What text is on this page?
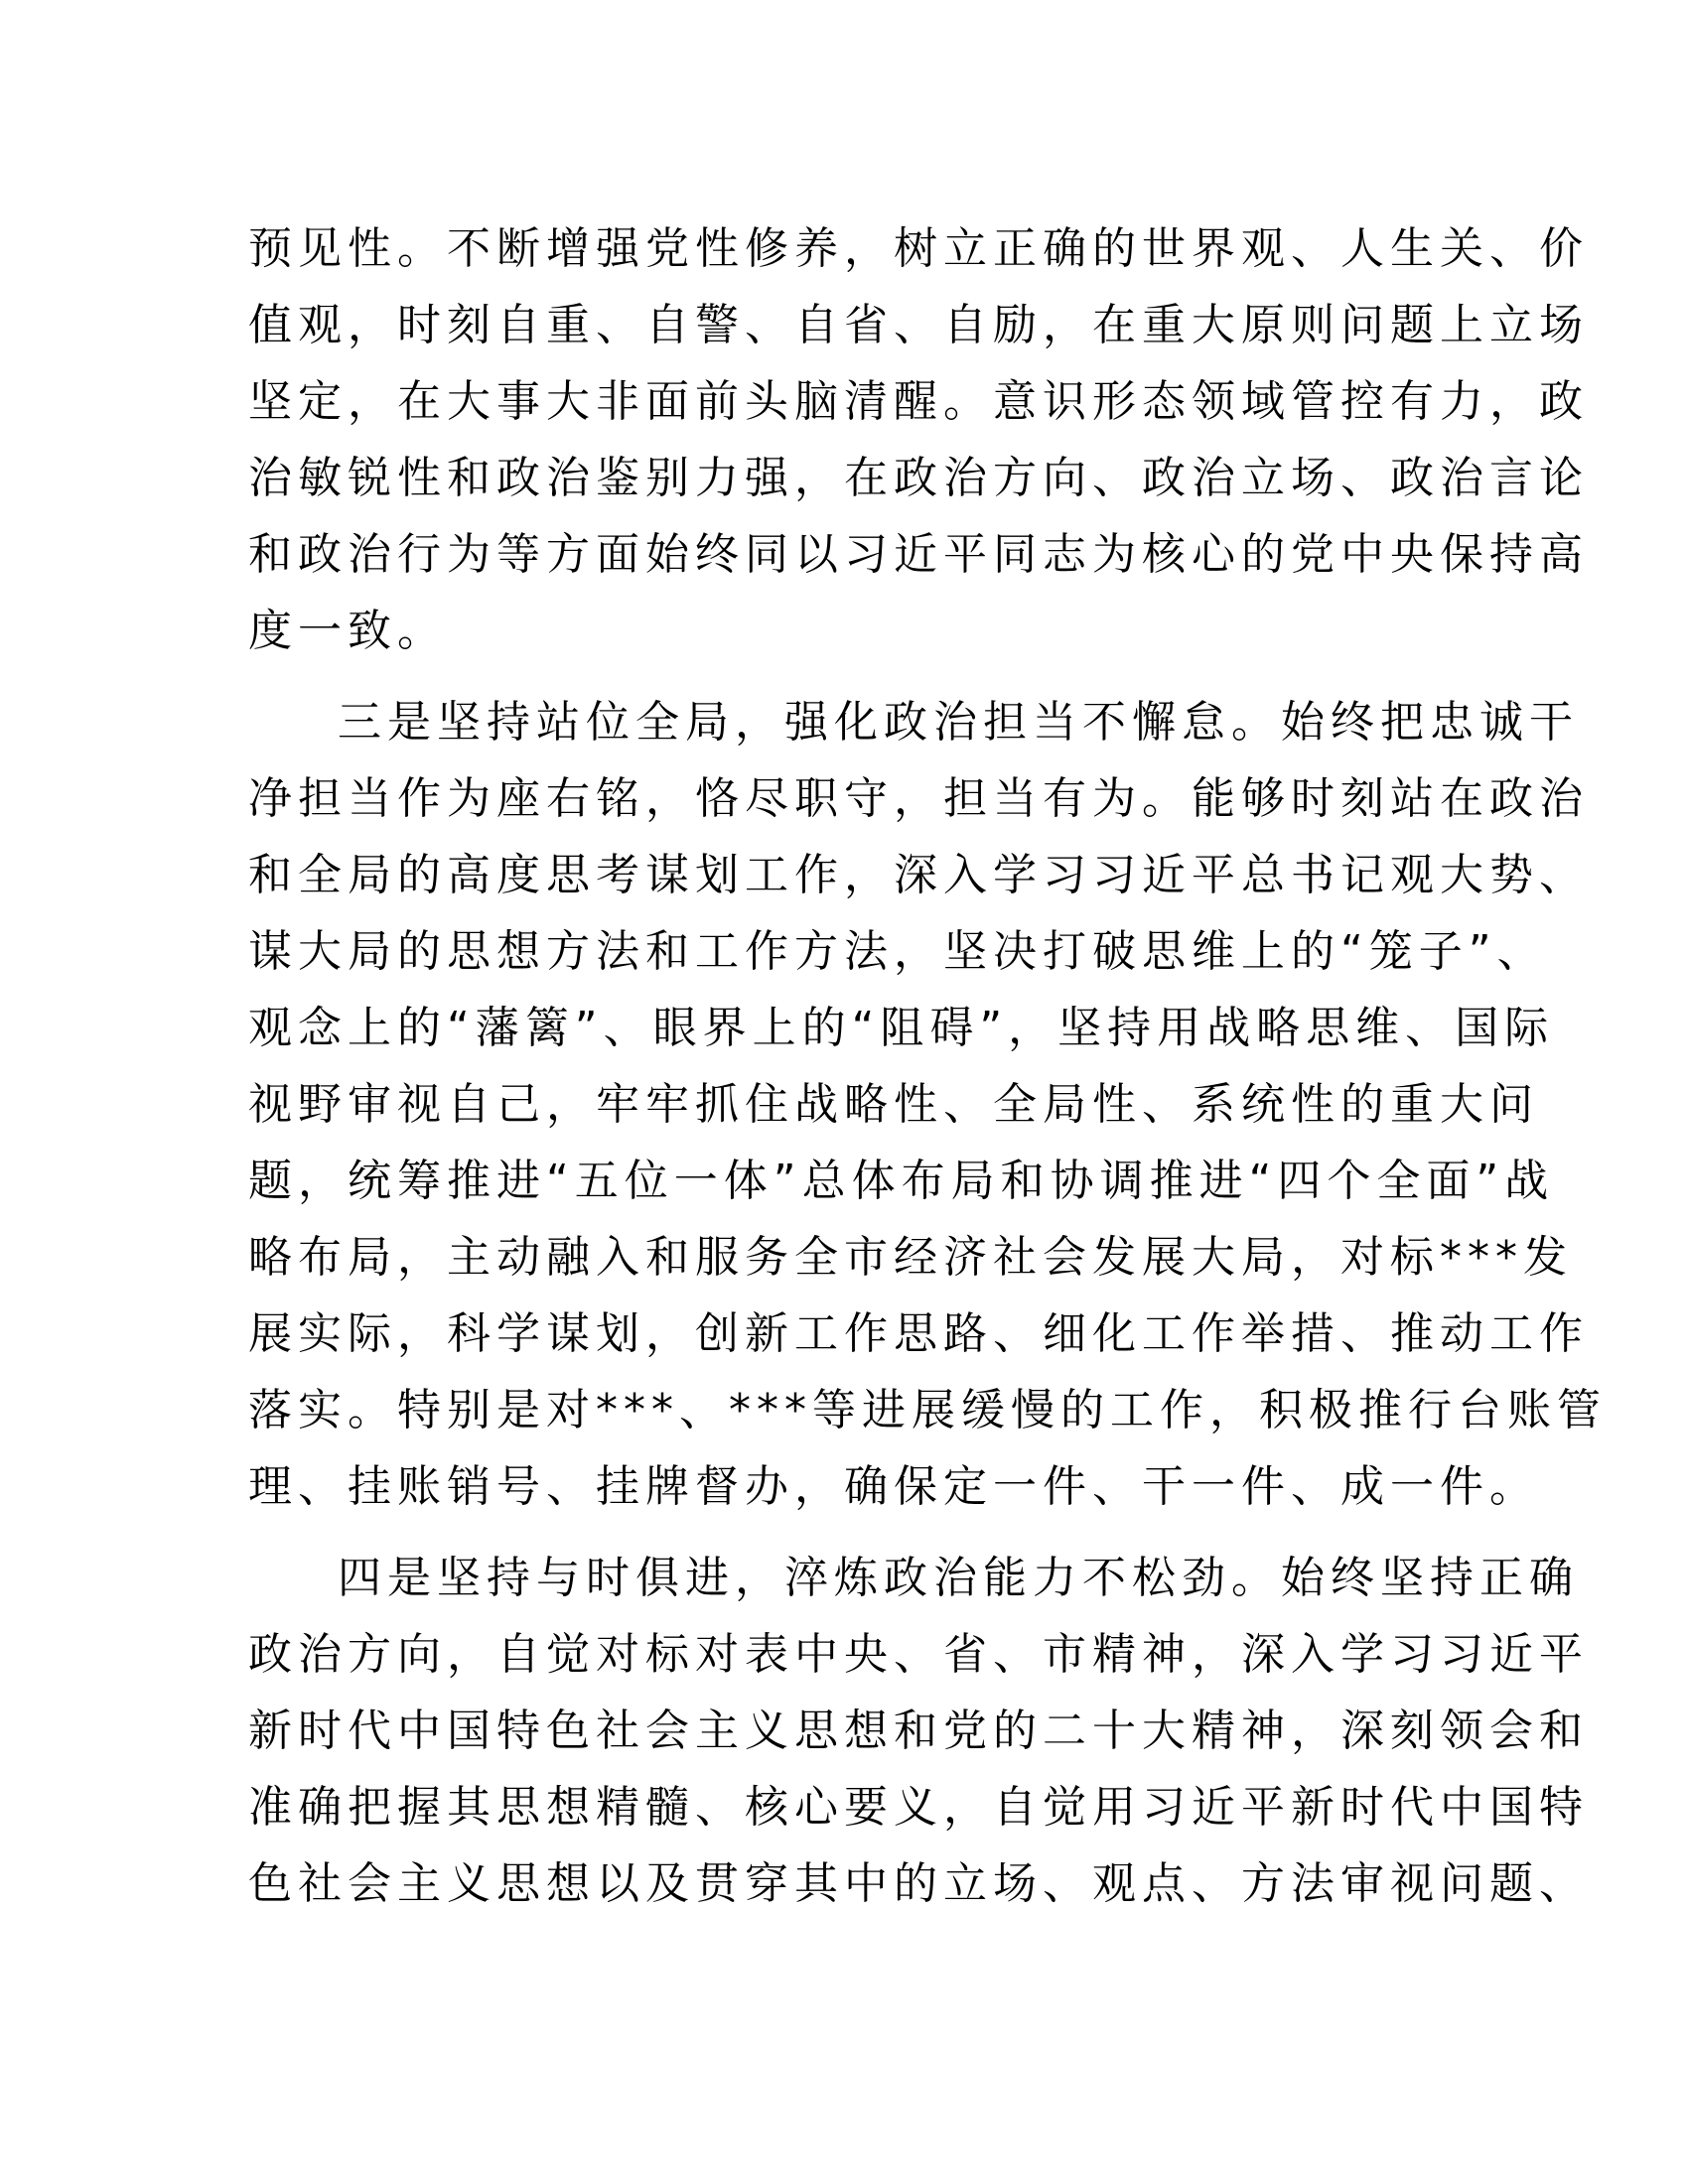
预见性。不断增强党性修养，树立正确的世界观、人生关、价
值观，时刻自重、自警、自省、自励，在重大原则问题上立场
坚定，在大事大非面前头脑清醒。意识形态领域管控有力，政
治敏锐性和政治鉴别力强，在政治方向、政治立场、政治言论
和政治行为等方面始终同以习近平同志为核心的党中央保持高
度一致。
三是坚持站位全局，强化政治担当不懈怠。始终把忠诚干
净担当作为座右铭，恪尽职守，担当有为。能够时刻站在政治
和全局的高度思考谋划工作，深入学习习近平总书记观大势、
谋大局的思想方法和工作方法，坚决打破思维上的“笼子”、
观念上的“藩篱”、眼界上的“阻碍”，坚持用战略思维、国际
视野审视自己，牢牢抓住战略性、全局性、系统性的重大问
题，统筹推进“五位一体”总体布局和协调推进“四个全面”战
略布局，主动融入和服务全市经济社会发展大局，对标***发
展实际，科学谋划，创新工作思路、细化工作举措、推动工作
落实。特别是对***、***等进展缓慢的工作，积极推行台账管
理、挂账销号、挂牌督办，确保定一件、干一件、成一件。
四是坚持与时俱进，淬炼政治能力不松劲。始终坚持正确
政治方向，自觉对标对表中央、省、市精神，深入学习习近平
新时代中国特色社会主义思想和党的二十大精神，深刻领会和
准确把握其思想精髓、核心要义，自觉用习近平新时代中国特
色社会主义思想以及贯穿其中的立场、观点、方法审视问题、
